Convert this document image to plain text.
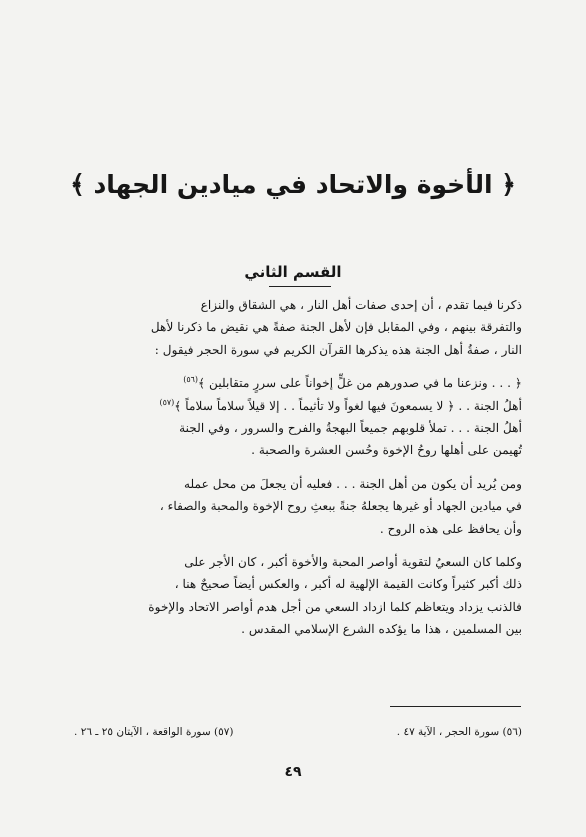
﴿ الأخوة والاتحاد في ميادين الجهاد ﴾
القسم الثاني

ذكرنا فيما تقدم ، أن إحدى صفات أهل النار ، هي الشقاق والنزاع
والتفرقة بينهم ، وفي المقابل فإن لأهل الجنة صفةً هي نقيض ما ذكرنا لأهل
النار ، صفةُ أهل الجنة هذه يذكرها القرآن الكريم في سورة الحجر فيقول :

﴿ . . . ونزعنا ما في صدورهم من غلٍّ إخواناً على سررٍ متقابلين ﴾$^{(٥٦)}$
أهلُ الجنة . . ﴿ لا يسمعونَ فيها لغواً ولا تأثيماً . . إلا قيلاً سلاماً سلاماً ﴾$^{(٥٧)}$
أهلُ الجنة . . . تملأ قلوبهم جميعاً البهجةُ والفرح والسرور ، وفي الجنة
تُهيمن على أهلها روحُ الإخوة وحُسن العشرة والصحبة .

ومن يُريد أن يكون من أهل الجنة . . . فعليه أن يجعلَ من محل عمله
في ميادين الجهاد أو غيرها يجعلهُ جنةً ببعثِ روح الإخوة والمحبة والصفاء ،
وأن يحافظ على هذه الروح .

وكلما كان السعيُ لتقوية أواصر المحبة والأخوة أكبر ، كان الأجر على
ذلك أكبر كثيراً وكانت القيمة الإلهية له أكبر ، والعكس أيضاً صحيحٌ هنا ،
فالذنب يزداد ويتعاظم كلما ازداد السعي من أجل هدم أواصر الاتحاد والإخوة
بين المسلمين ، هذا ما يؤكده الشرع الإسلامي المقدس .

(٥٦) سورة الحجر ، الآية ٤٧ .
(٥٧) سورة الواقعة ، الآيتان ٢٥ ـ ٢٦ .
٤٩
